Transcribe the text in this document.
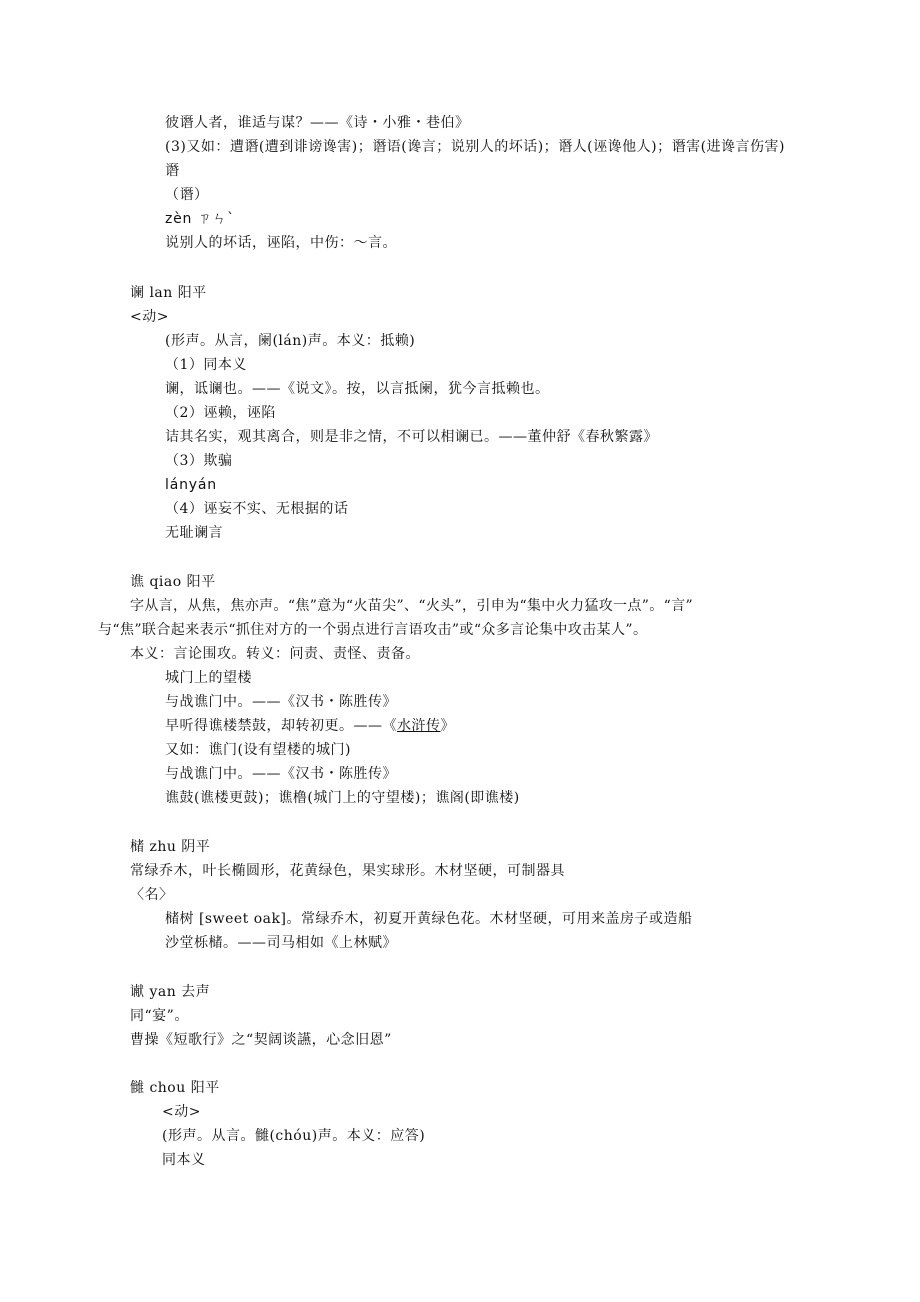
彼谮人者，谁适与谋？——《诗・小雅・巷伯》
(3)又如：遭谮(遭到诽谤谗害)；谮语(谗言；说别人的坏话)；谮人(诬谗他人)；谮害(进谗言伤害)
谮
（谮）
zèn ㄗㄣˋ
说别人的坏话，诬陷，中伤：～言。
谰 lan 阳平
<动>
(形声。从言，阑(lán)声。本义：抵赖)
（1）同本义
谰，诋谰也。——《说文》。按，以言抵阑，犹今言抵赖也。
（2）诬赖，诬陷
诘其名实，观其离合，则是非之情，不可以相谰已。——董仲舒《春秋繁露》
（3）欺骗
lányán
（4）诬妄不实、无根据的话
无耻谰言
谯 qiao 阳平
字从言，从焦，焦亦声。“焦”意为“火苗尖”、“火头”，引申为“集中火力猛攻一点”。“言”
与“焦”联合起来表示“抓住对方的一个弱点进行言语攻击”或“众多言论集中攻击某人”。
本义：言论围攻。转义：问责、责怪、责备。
城门上的望楼
与战谯门中。——《汉书・陈胜传》
早听得谯楼禁鼓，却转初更。——《水浒传》
又如：谯门(设有望楼的城门)
与战谯门中。——《汉书・陈胜传》
谯鼓(谯楼更鼓)；谯橹(城门上的守望楼)；谯阁(即谯楼)
槠 zhu 阴平
常绿乔木，叶长椭圆形，花黄绿色，果实球形。木材坚硬，可制器具
〈名〉
槠树 [sweet oak]。常绿乔木，初夏开黄绿色花。木材坚硬，可用来盖房子或造船
沙堂栎槠。——司马相如《上林赋》
谳 yan 去声
同“宴”。
曹操《短歌行》之“契阔谈讌，心念旧恩”
雠 chou 阳平
<动>
(形声。从言。雠(chóu)声。本义：应答)
同本义
